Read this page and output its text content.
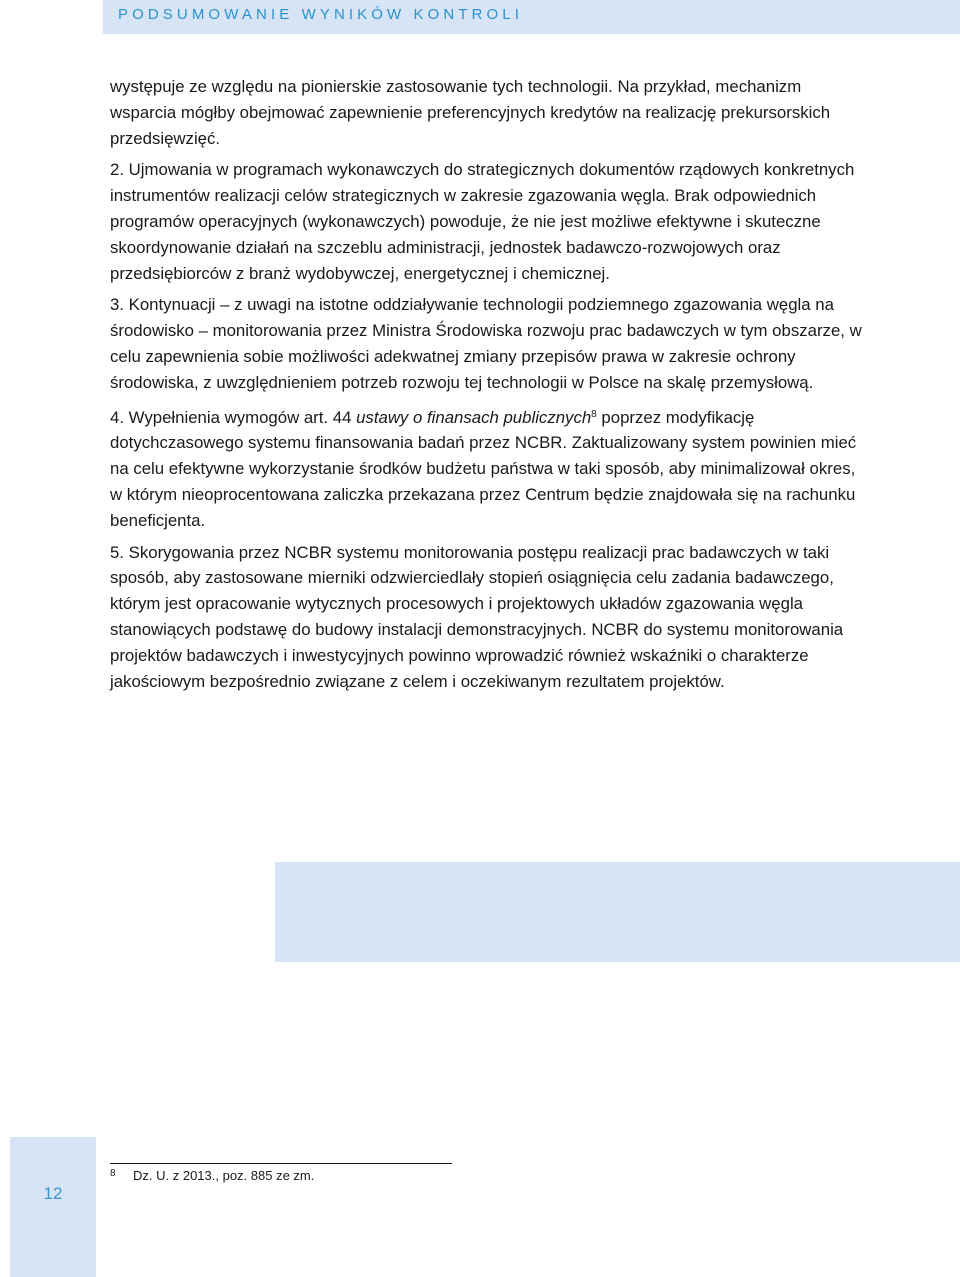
PODSUMOWANIE WYNIKÓW KONTROLI

występuje ze względu na pionierskie zastosowanie tych technologii. Na przykład, mechanizm wsparcia mógłby obejmować zapewnienie preferencyjnych kredytów na realizację prekursorskich przedsięwzięć.

2. Ujmowania w programach wykonawczych do strategicznych dokumentów rządowych konkretnych instrumentów realizacji celów strategicznych w zakresie zgazowania węgla. Brak odpowiednich programów operacyjnych (wykonawczych) powoduje, że nie jest możliwe efektywne i skuteczne skoordynowanie działań na szczeblu administracji, jednostek badawczo-rozwojowych oraz przedsiębiorców z branż wydobywczej, energetycznej i chemicznej.

3. Kontynuacji – z uwagi na istotne oddziaływanie technologii podziemnego zgazowania węgla na środowisko – monitorowania przez Ministra Środowiska rozwoju prac badawczych w tym obszarze, w celu zapewnienia sobie możliwości adekwatnej zmiany przepisów prawa w zakresie ochrony środowiska, z uwzględnieniem potrzeb rozwoju tej technologii w Polsce na skalę przemysłową.

4. Wypełnienia wymogów art. 44 ustawy o finansach publicznych$^8$ poprzez modyfikację dotychczasowego systemu finansowania badań przez NCBR. Zaktualizowany system powinien mieć na celu efektywne wykorzystanie środków budżetu państwa w taki sposób, aby minimalizował okres, w którym nieoprocentowana zaliczka przekazana przez Centrum będzie znajdowała się na rachunku beneficjenta.

5. Skorygowania przez NCBR systemu monitorowania postępu realizacji prac badawczych w taki sposób, aby zastosowane mierniki odzwierciedlały stopień osiągnięcia celu zadania badawczego, którym jest opracowanie wytycznych procesowych i projektowych układów zgazowania węgla stanowiących podstawę do budowy instalacji demonstracyjnych. NCBR do systemu monitorowania projektów badawczych i inwestycyjnych powinno wprowadzić również wskaźniki o charakterze jakościowym bezpośrednio związane z celem i oczekiwanym rezultatem projektów.

12
8 Dz. U. z 2013., poz. 885 ze zm.
